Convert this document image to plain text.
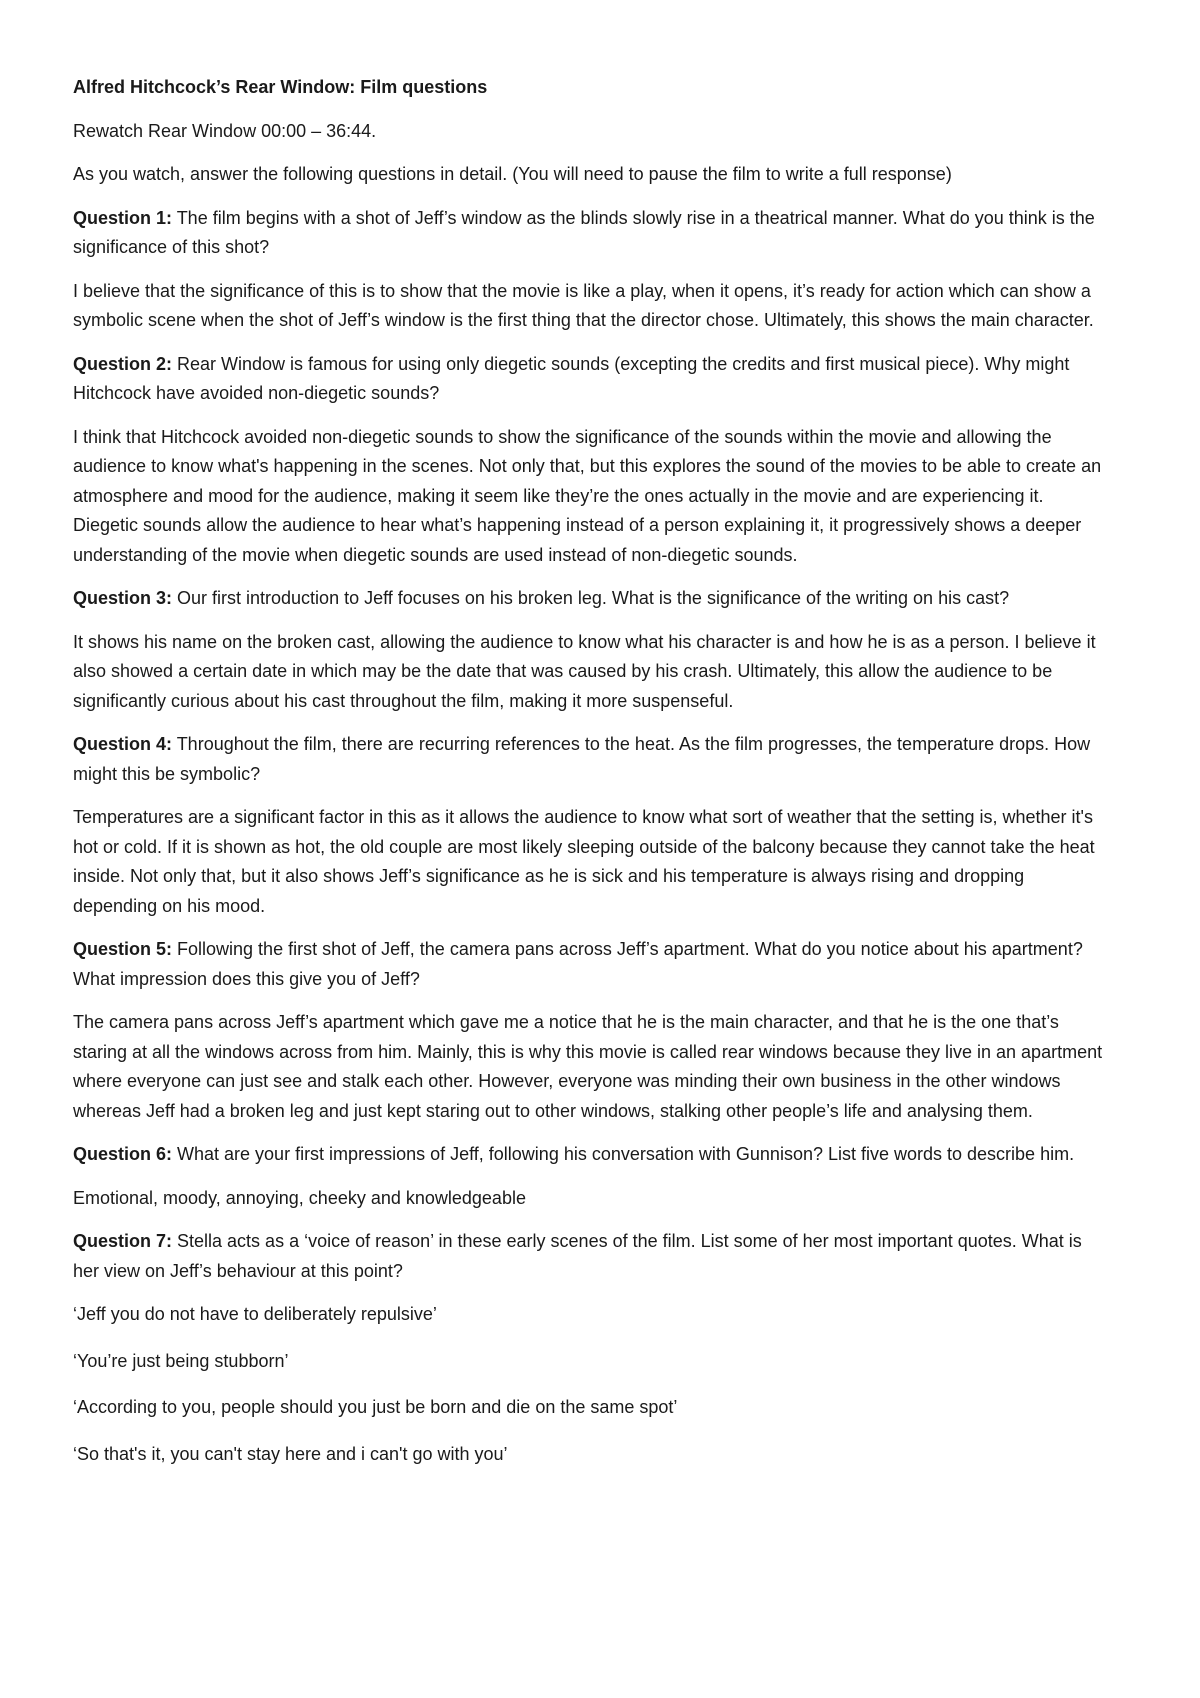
Alfred Hitchcock’s Rear Window: Film questions

Rewatch Rear Window 00:00 – 36:44.

As you watch, answer the following questions in detail. (You will need to pause the film to write a full response)

Question 1: The film begins with a shot of Jeff’s window as the blinds slowly rise in a theatrical manner. What do you think is the significance of this shot?

I believe that the significance of this is to show that the movie is like a play, when it opens, it’s ready for action which can show a symbolic scene when the shot of Jeff’s window is the first thing that the director chose. Ultimately, this shows the main character.

Question 2: Rear Window is famous for using only diegetic sounds (excepting the credits and first musical piece). Why might Hitchcock have avoided non-diegetic sounds?

I think that Hitchcock avoided non-diegetic sounds to show the significance of the sounds within the movie and allowing the audience to know what's happening in the scenes. Not only that, but this explores the sound of the movies to be able to create an atmosphere and mood for the audience, making it seem like they’re the ones actually in the movie and are experiencing it. Diegetic sounds allow the audience to hear what’s happening instead of a person explaining it, it progressively shows a deeper understanding of the movie when diegetic sounds are used instead of non-diegetic sounds.

Question 3: Our first introduction to Jeff focuses on his broken leg. What is the significance of the writing on his cast?

It shows his name on the broken cast, allowing the audience to know what his character is and how he is as a person. I believe it also showed a certain date in which may be the date that was caused by his crash. Ultimately, this allow the audience to be significantly curious about his cast throughout the film, making it more suspenseful.

Question 4: Throughout the film, there are recurring references to the heat. As the film progresses, the temperature drops. How might this be symbolic?

Temperatures are a significant factor in this as it allows the audience to know what sort of weather that the setting is, whether it's hot or cold. If it is shown as hot, the old couple are most likely sleeping outside of the balcony because they cannot take the heat inside. Not only that, but it also shows Jeff’s significance as he is sick and his temperature is always rising and dropping depending on his mood.

Question 5: Following the first shot of Jeff, the camera pans across Jeff’s apartment. What do you notice about his apartment? What impression does this give you of Jeff?

The camera pans across Jeff’s apartment which gave me a notice that he is the main character, and that he is the one that’s staring at all the windows across from him. Mainly, this is why this movie is called rear windows because they live in an apartment where everyone can just see and stalk each other. However, everyone was minding their own business in the other windows whereas Jeff had a broken leg and just kept staring out to other windows, stalking other people’s life and analysing them.

Question 6: What are your first impressions of Jeff, following his conversation with Gunnison? List five words to describe him.

Emotional, moody, annoying, cheeky and knowledgeable

Question 7: Stella acts as a ‘voice of reason’ in these early scenes of the film. List some of her most important quotes. What is her view on Jeff’s behaviour at this point?

‘Jeff you do not have to deliberately repulsive’

‘You’re just being stubborn’

‘According to you, people should you just be born and die on the same spot’

‘So that's it, you can't stay here and i can't go with you’
